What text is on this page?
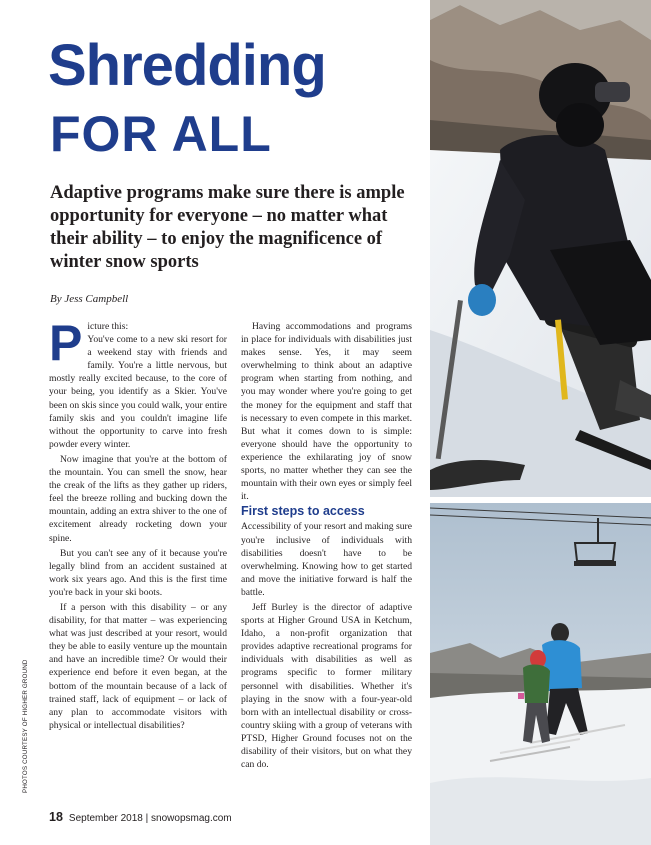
Shredding
FOR ALL
Adaptive programs make sure there is ample opportunity for everyone – no matter what their ability – to enjoy the magnificence of winter snow sports
By Jess Campbell

P icture this:
You've come to a new ski resort for a weekend stay with friends and family. You're a little nervous, but mostly really excited because, to the core of your being, you identify as a Skier. You've been on skis since you could walk, your entire family skis and you couldn't imagine life without the opportunity to carve into fresh powder every winter.

Now imagine that you're at the bottom of the mountain. You can smell the snow, hear the creak of the lifts as they gather up riders, feel the breeze rolling and bucking down the mountain, adding an extra shiver to the one of excitement already rocketing down your spine.

But you can't see any of it because you're legally blind from an accident sustained at work six years ago. And this is the first time you're back in your ski boots.

If a person with this disability – or any disability, for that matter – was experiencing what was just described at your resort, would they be able to easily venture up the mountain and have an incredible time? Or would their experience end before it even began, at the bottom of the mountain because of a lack of trained staff, lack of equipment – or lack of any plan to accommodate visitors with physical or intellectual disabilities?

Having accommodations and programs in place for individuals with disabilities just makes sense. Yes, it may seem overwhelming to think about an adaptive program when starting from nothing, and you may wonder where you're going to get the money for the equipment and staff that is necessary to even compete in this market. But what it comes down to is simple: everyone should have the opportunity to experience the exhilarating joy of snow sports, no matter whether they can see the mountain with their own eyes or simply feel it.

First steps to access

Accessibility of your resort and making sure you're inclusive of individuals with disabilities doesn't have to be overwhelming. Knowing how to get started and move the initiative forward is half the battle.

Jeff Burley is the director of adaptive sports at Higher Ground USA in Ketchum, Idaho, a non-profit organization that provides adaptive recreational programs for individuals with disabilities as well as programs specific to former military personnel with disabilities. Whether it's playing in the snow with a four-year-old born with an intellectual disability or cross-country skiing with a group of veterans with PTSD, Higher Ground focuses not on the disability of their visitors, but on what they can do.

PHOTOS COURTESY OF HIGHER GROUND
18 September 2018 | snowopsmag.com
